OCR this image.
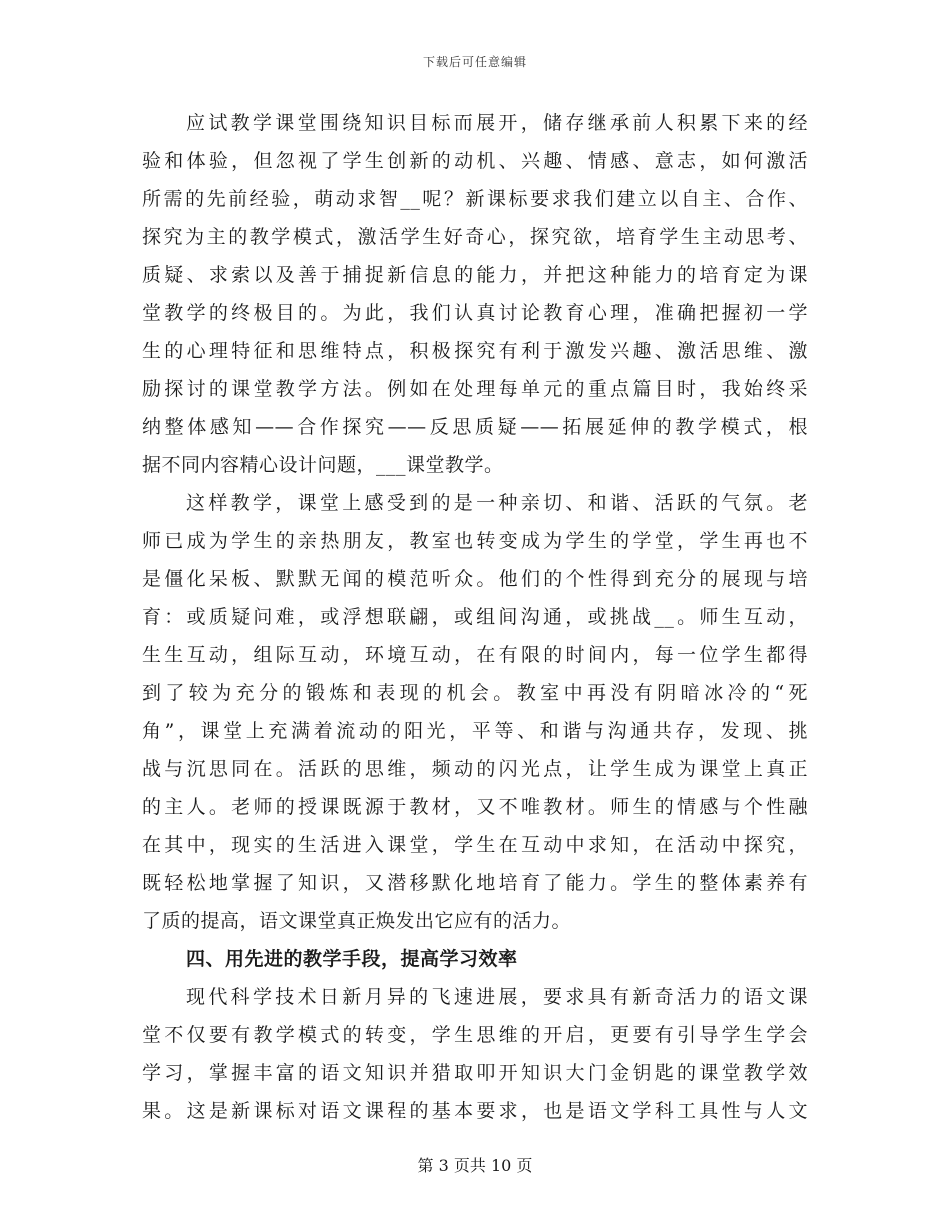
下载后可任意编辑
应试教学课堂围绕知识目标而展开，储存继承前人积累下来的经
验和体验，但忽视了学生创新的动机、兴趣、情感、意志，如何激活
所需的先前经验，萌动求智__呢？新课标要求我们建立以自主、合作、
探究为主的教学模式，激活学生好奇心，探究欲，培育学生主动思考、
质疑、求索以及善于捕捉新信息的能力，并把这种能力的培育定为课
堂教学的终极目的。为此，我们认真讨论教育心理，准确把握初一学
生的心理特征和思维特点，积极探究有利于激发兴趣、激活思维、激
励探讨的课堂教学方法。例如在处理每单元的重点篇目时，我始终采
纳整体感知——合作探究——反思质疑——拓展延伸的教学模式，根
据不同内容精心设计问题，___课堂教学。
这样教学，课堂上感受到的是一种亲切、和谐、活跃的气氛。老
师已成为学生的亲热朋友，教室也转变成为学生的学堂，学生再也不
是僵化呆板、默默无闻的模范听众。他们的个性得到充分的展现与培
育：或质疑问难，或浮想联翩，或组间沟通，或挑战__。师生互动，
生生互动，组际互动，环境互动，在有限的时间内，每一位学生都得
到了较为充分的锻炼和表现的机会。教室中再没有阴暗冰冷的“死
角”，课堂上充满着流动的阳光，平等、和谐与沟通共存，发现、挑
战与沉思同在。活跃的思维，频动的闪光点，让学生成为课堂上真正
的主人。老师的授课既源于教材，又不唯教材。师生的情感与个性融
在其中，现实的生活进入课堂，学生在互动中求知，在活动中探究，
既轻松地掌握了知识，又潜移默化地培育了能力。学生的整体素养有
了质的提高，语文课堂真正焕发出它应有的活力。
四、用先进的教学手段，提高学习效率
现代科学技术日新月异的飞速进展，要求具有新奇活力的语文课
堂不仅要有教学模式的转变，学生思维的开启，更要有引导学生学会
学习，掌握丰富的语文知识并猎取叩开知识大门金钥匙的课堂教学效
果。这是新课标对语文课程的基本要求，也是语文学科工具性与人文
第 3 页共 10 页
